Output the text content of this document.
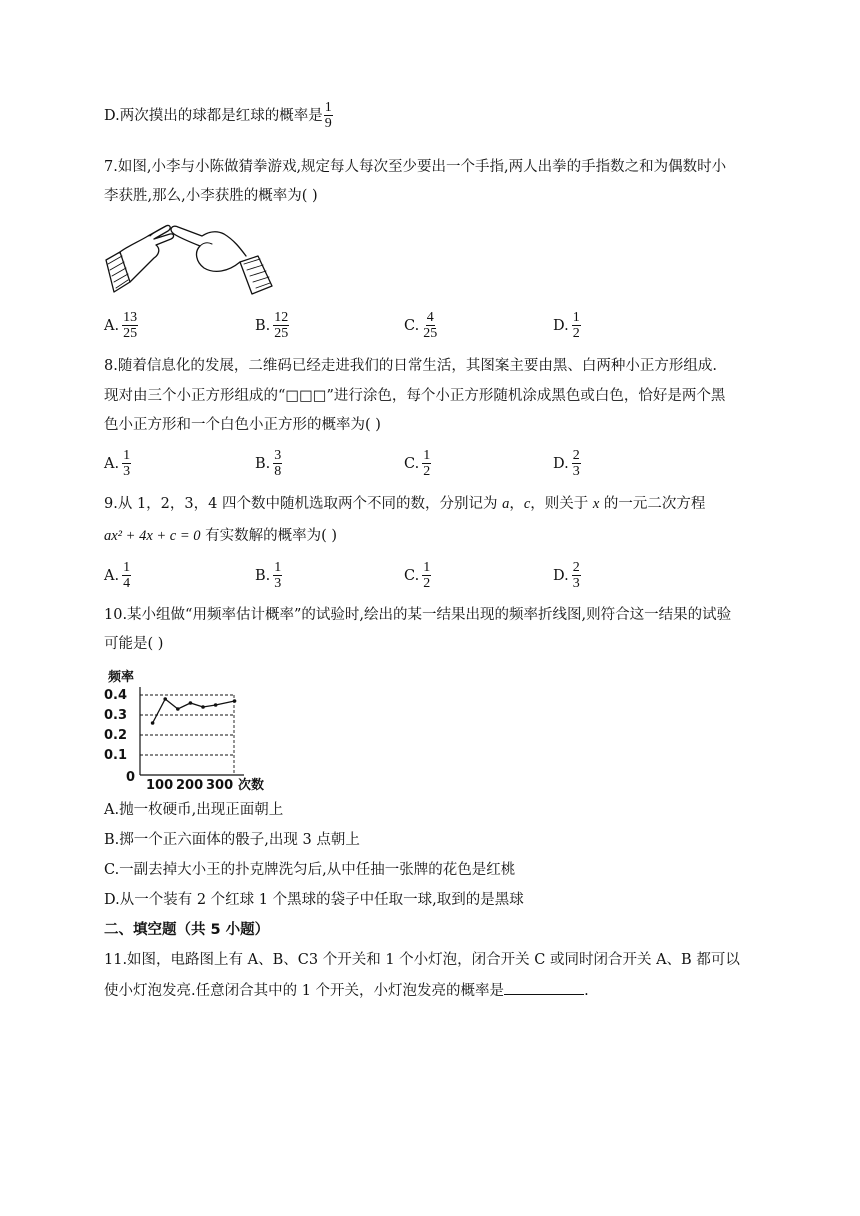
D.两次摸出的球都是红球的概率是 $\frac{1}{9}$
7.如图,小李与小陈做猜拳游戏,规定每人每次至少要出一个手指,两人出拳的手指数之和为偶数时小
李获胜,那么,小李获胜的概率为( )
A. $\frac{13}{25}$	B. $\frac{12}{25}$	C. $\frac{4}{25}$	D. $\frac{1}{2}$
8.随着信息化的发展，二维码已经走进我们的日常生活，其图案主要由黑、白两种小正方形组成.
现对由三个小正方形组成的“□□□”进行涂色，每个小正方形随机涂成黑色或白色，恰好是两个黑
色小正方形和一个白色小正方形的概率为( )
A. $\frac{1}{3}$	B. $\frac{3}{8}$	C. $\frac{1}{2}$	D. $\frac{2}{3}$
9.从 1，2，3，4 四个数中随机选取两个不同的数，分别记为 a，c，则关于 x 的一元二次方程
ax² + 4x + c = 0 有实数解的概率为( )
A. $\frac{1}{4}$	B. $\frac{1}{3}$	C. $\frac{1}{2}$	D. $\frac{2}{3}$
10.某小组做“用频率估计概率”的试验时,绘出的某一结果出现的频率折线图,则符合这一结果的试验
可能是( )
频率
0.4
0.3
0.2
0.1
0
100 200 300 次数
A.抛一枚硬币,出现正面朝上
B.掷一个正六面体的骰子,出现 3 点朝上
C.一副去掉大小王的扑克牌洗匀后,从中任抽一张牌的花色是红桃
D.从一个装有 2 个红球 1 个黑球的袋子中任取一球,取到的是黑球
二、填空题（共 5 小题）
11.如图，电路图上有 A、B、C3 个开关和 1 个小灯泡，闭合开关 C 或同时闭合开关 A、B 都可以
使小灯泡发亮.任意闭合其中的 1 个开关，小灯泡发亮的概率是	.
